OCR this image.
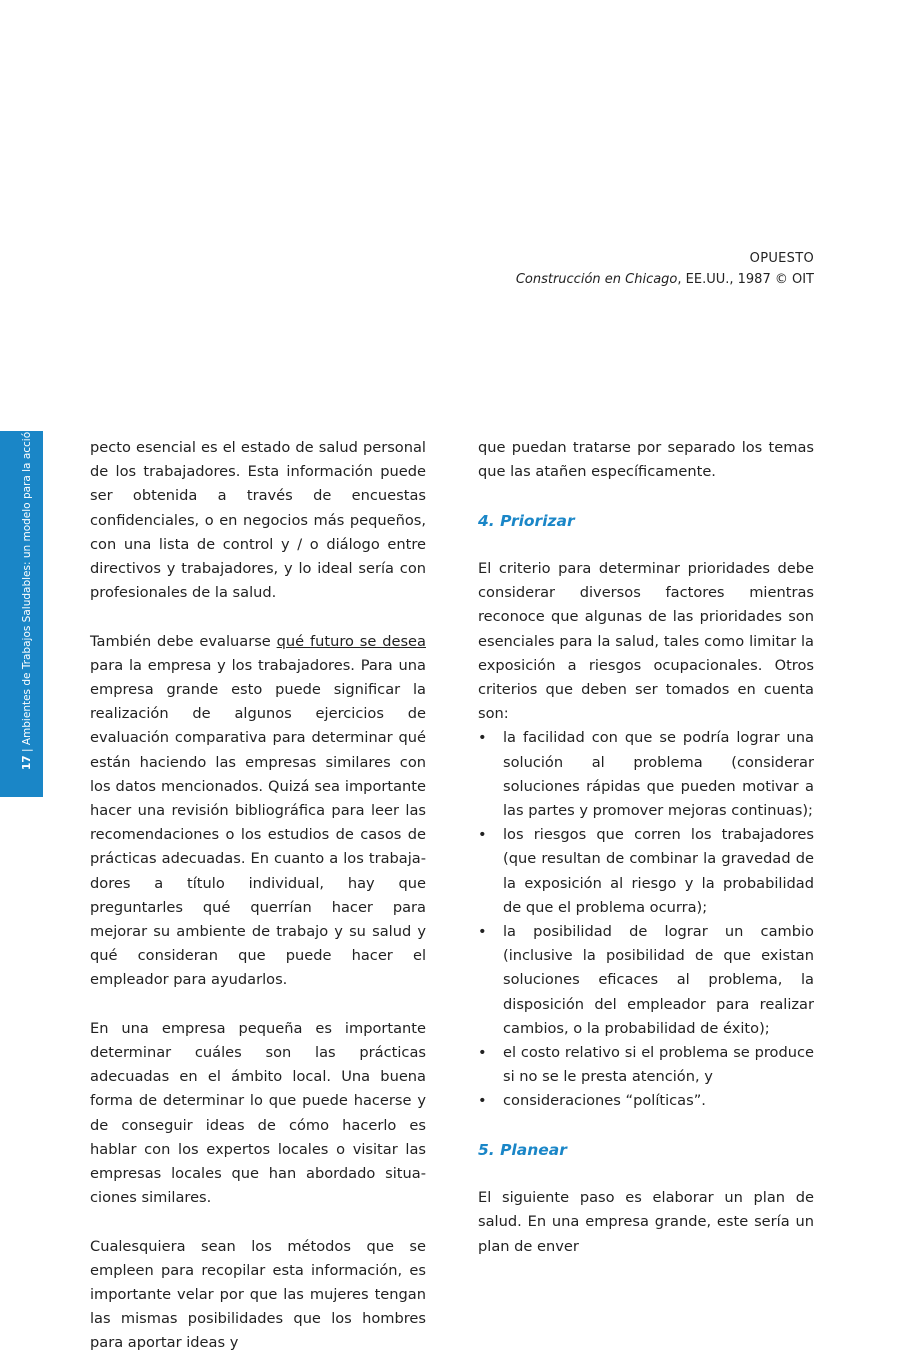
OPUESTO
Construcción en Chicago, EE.UU., 1987 © OIT
17 | Ambientes de Trabajos Saludables: un modelo para la acción	pecto esencial es el estado de salud personal de los trabajadores. Esta información puede ser obtenida a través de encuestas confidenciales, o en negocios más pequeños, con una lista de control y / o diálogo entre directivos y trabajadores, y lo ideal sería con profesionales de la salud.

También debe evaluarse qué futuro se desea para la empresa y los trabajadores. Para una empresa grande esto puede significar la realización de algunos ejercicios de evaluación comparativa para determinar qué están haciendo las empresas similares con los datos mencionados. Quizá sea importante hacer una revisión bibliográfica para leer las recomendaciones o los estudios de casos de prácticas adecuadas. En cuanto a los trabajadores a título individual, hay que preguntarles qué querrían hacer para mejorar su ambiente de trabajo y su salud y qué consideran que puede hacer el empleador para ayudarlos.

En una empresa pequeña es importante determinar cuáles son las prácticas adecuadas en el ámbito local. Una buena forma de determinar lo que puede hacerse y de conseguir ideas de cómo hacerlo es hablar con los expertos locales o visitar las empresas locales que han abordado situaciones similares.

Cualesquiera sean los métodos que se empleen para recopilar esta información, es importante velar por que las mujeres tengan las mismas posibilidades que los hombres para aportar ideas y

que puedan tratarse por separado los temas que las atañen específicamente.

4. Priorizar

El criterio para determinar prioridades debe considerar diversos factores mientras reconoce que algunas de las prioridades son esenciales para la salud, tales como limitar la exposición a riesgos ocupacionales. Otros criterios que deben ser tomados en cuenta son:

• la facilidad con que se podría lograr una solución al problema (considerar soluciones rápidas que pueden motivar a las partes y promover mejoras continuas);
• los riesgos que corren los trabajadores (que resultan de combinar la gravedad de la exposición al riesgo y la probabilidad de que el problema ocurra);
• la posibilidad de lograr un cambio (inclusive la posibilidad de que existan soluciones eficaces al problema, la disposición del empleador para realizar cambios, o la probabilidad de éxito);
• el costo relativo si el problema se produce si no se le presta atención, y
• consideraciones “políticas”.
5. Planear

El siguiente paso es elaborar un plan de salud. En una empresa grande, este sería un plan de enver
